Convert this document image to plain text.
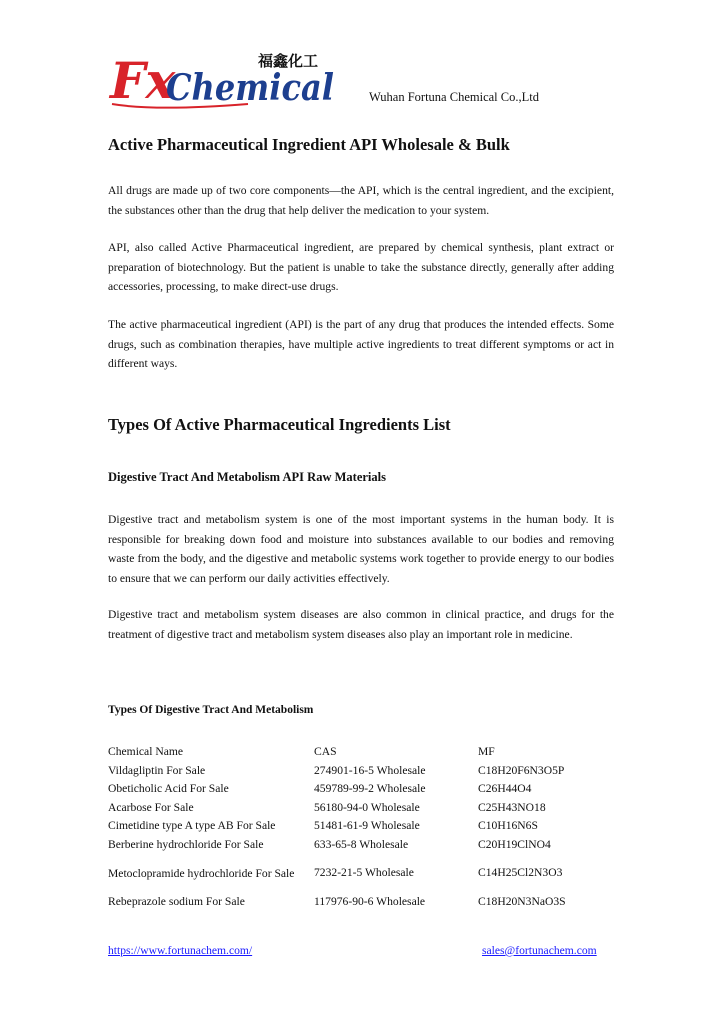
Fx
Chemical
福鑫化工
Wuhan Fortuna Chemical Co.,Ltd
Active Pharmaceutical Ingredient API Wholesale & Bulk

All drugs are made up of two core components—the API, which is the central ingredient, and the excipient, the substances other than the drug that help deliver the medication to your system.

API, also called Active Pharmaceutical ingredient, are prepared by chemical synthesis, plant extract or preparation of biotechnology. But the patient is unable to take the substance directly, generally after adding accessories, processing, to make direct-use drugs.

The active pharmaceutical ingredient (API) is the part of any drug that produces the intended effects. Some drugs, such as combination therapies, have multiple active ingredients to treat different symptoms or act in different ways.

Types Of Active Pharmaceutical Ingredients List
Digestive Tract And Metabolism API Raw Materials

Digestive tract and metabolism system is one of the most important systems in the human body. It is responsible for breaking down food and moisture into substances available to our bodies and removing waste from the body, and the digestive and metabolic systems work together to provide energy to our bodies to ensure that we can perform our daily activities effectively.

Digestive tract and metabolism system diseases are also common in clinical practice, and drugs for the treatment of digestive tract and metabolism system diseases also play an important role in medicine.

Types Of Digestive Tract And Metabolism
Chemical Name	CAS	MF
Vildagliptin For Sale	274901-16-5 Wholesale	C18H20F6N3O5P
Obeticholic Acid For Sale	459789-99-2 Wholesale	C26H44O4
Acarbose For Sale	56180-94-0 Wholesale	C25H43NO18
Cimetidine type A type AB For Sale	51481-61-9 Wholesale	C10H16N6S
Berberine hydrochloride For Sale	633-65-8 Wholesale	C20H19ClNO4
Metoclopramide hydrochloride For Sale	7232-21-5 Wholesale	C14H25Cl2N3O3
Rebeprazole sodium For Sale	117976-90-6 Wholesale	C18H20N3NaO3S
https://www.fortunachem.com/	sales@fortunachem.com
